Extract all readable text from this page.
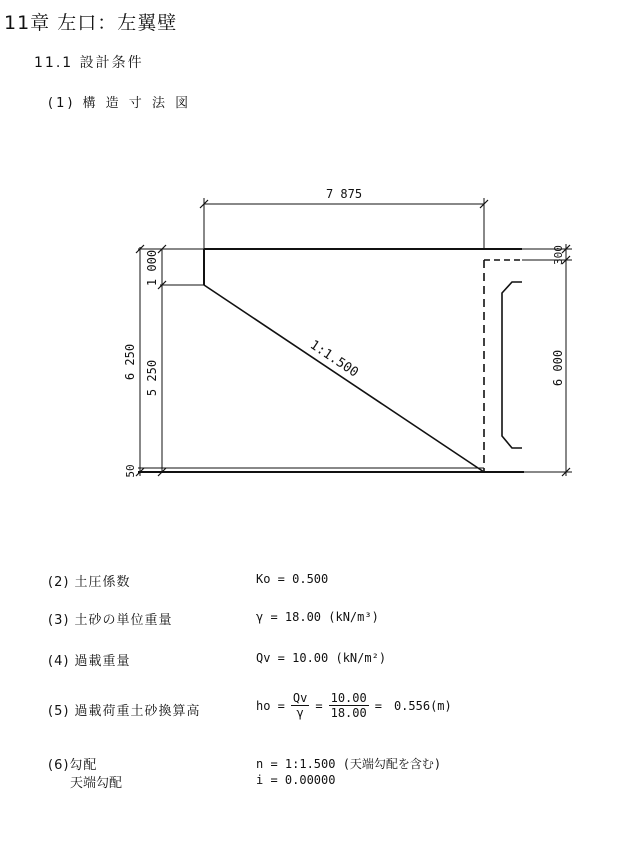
11章 左口：左翼壁
11.1 設計条件
(1) 構 造 寸 法 図
7 875
6 250
1 000
5 250
50
300
6 000
1:1.500
(2) 土圧係数	Ko = 0.500
(3) 土砂の単位重量	γ = 18.00 (kN/m³)
(4) 過載重量	Qv = 10.00 (kN/m²)
(5) 過載荷重土砂換算高	ho = $\frac{Qv}{\gamma} = \frac{10.00}{18.00} = 0.556(m)$
(6)勾配	n = 1:1.500 (天端勾配を含む)
天端勾配	i = 0.00000
